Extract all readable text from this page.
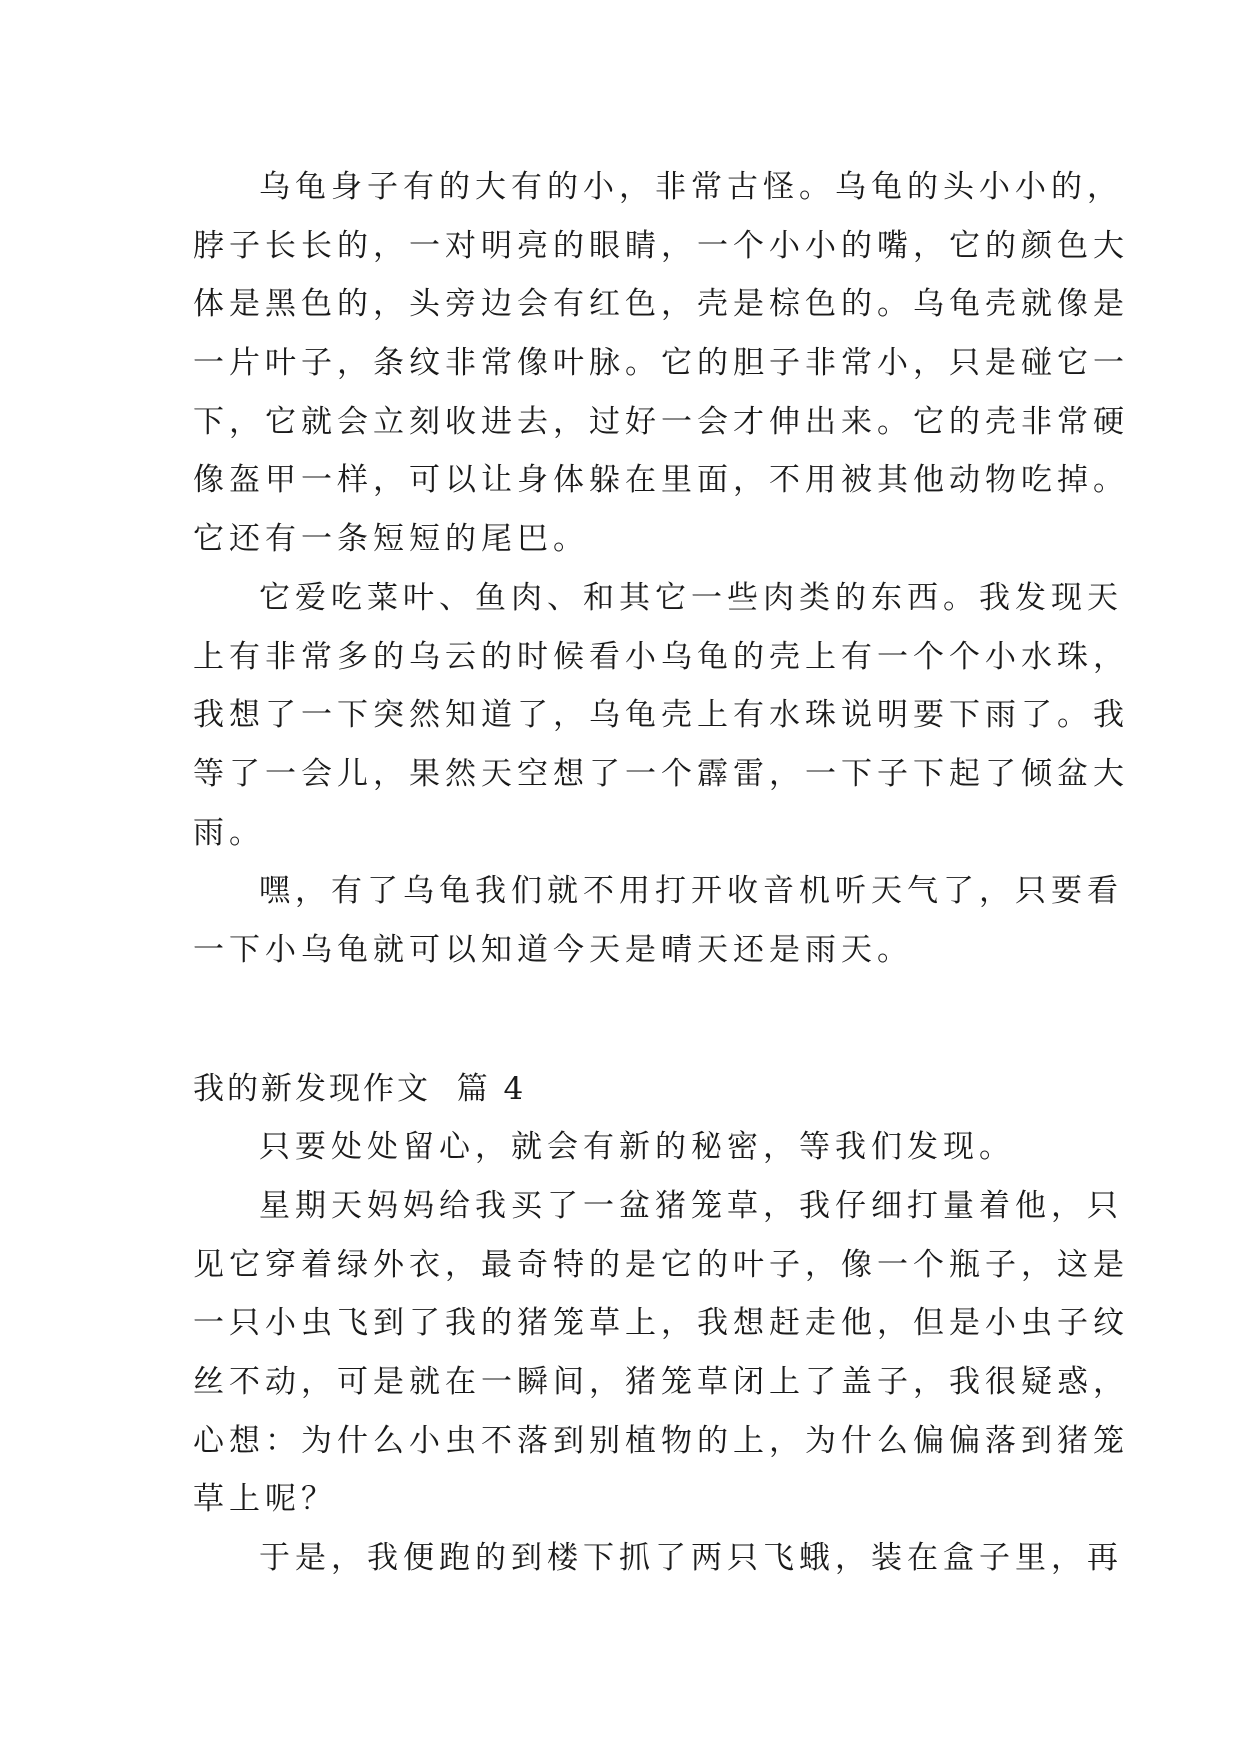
乌龟身子有的大有的小，非常古怪。乌龟的头小小的，
脖子长长的，一对明亮的眼睛，一个小小的嘴，它的颜色大
体是黑色的，头旁边会有红色，壳是棕色的。乌龟壳就像是
一片叶子，条纹非常像叶脉。它的胆子非常小，只是碰它一
下，它就会立刻收进去，过好一会才伸出来。它的壳非常硬
像盔甲一样，可以让身体躲在里面，不用被其他动物吃掉。
它还有一条短短的尾巴。
它爱吃菜叶、鱼肉、和其它一些肉类的东西。我发现天
上有非常多的乌云的时候看小乌龟的壳上有一个个小水珠，
我想了一下突然知道了，乌龟壳上有水珠说明要下雨了。我
等了一会儿，果然天空想了一个霹雷，一下子下起了倾盆大
雨。
嘿，有了乌龟我们就不用打开收音机听天气了，只要看
一下小乌龟就可以知道今天是晴天还是雨天。
我的新发现作文  篇 4
只要处处留心，就会有新的秘密，等我们发现。
星期天妈妈给我买了一盆猪笼草，我仔细打量着他，只
见它穿着绿外衣，最奇特的是它的叶子，像一个瓶子，这是
一只小虫飞到了我的猪笼草上，我想赶走他，但是小虫子纹
丝不动，可是就在一瞬间，猪笼草闭上了盖子，我很疑惑，
心想：为什么小虫不落到别植物的上，为什么偏偏落到猪笼
草上呢？
于是，我便跑的到楼下抓了两只飞蛾，装在盒子里，再
